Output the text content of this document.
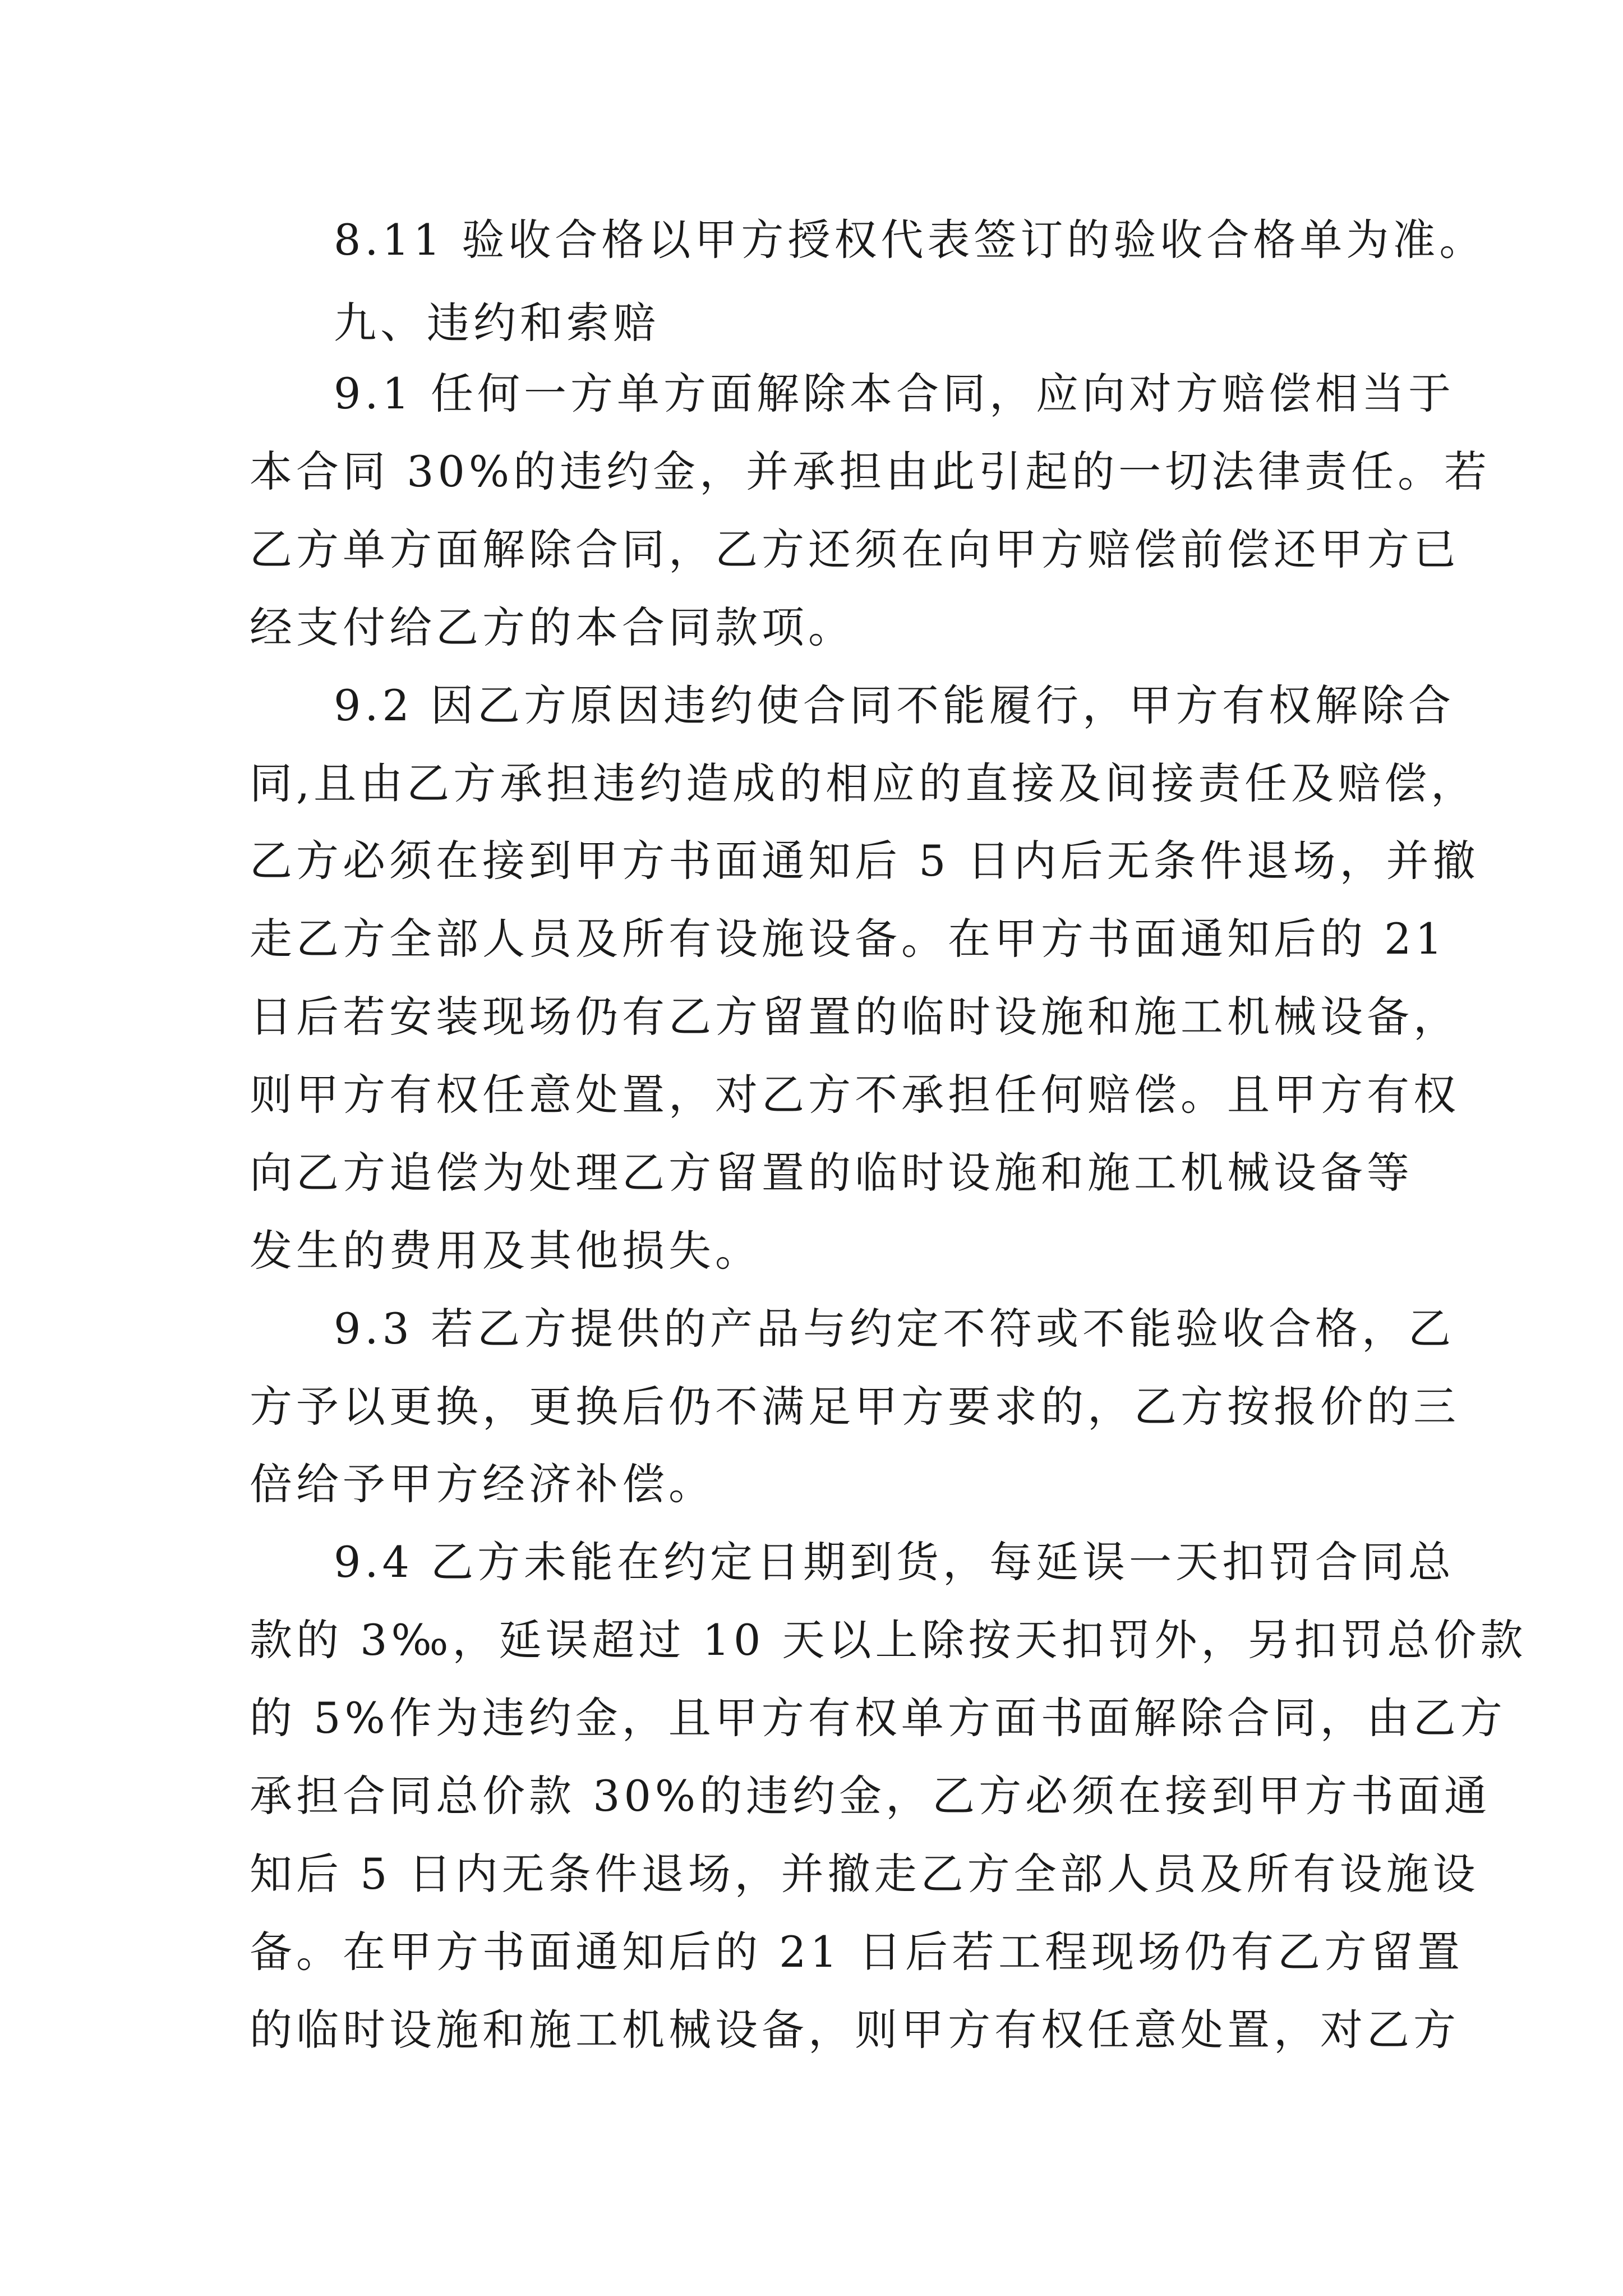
8.11 验收合格以甲方授权代表签订的验收合格单为准。

九、违约和索赔

9.1 任何一方单方面解除本合同，应向对方赔偿相当于

本合同 30%的违约金，并承担由此引起的一切法律责任。若

乙方单方面解除合同，乙方还须在向甲方赔偿前偿还甲方已

经支付给乙方的本合同款项。

9.2 因乙方原因违约使合同不能履行，甲方有权解除合

同,且由乙方承担违约造成的相应的直接及间接责任及赔偿，

乙方必须在接到甲方书面通知后 5 日内后无条件退场，并撤

走乙方全部人员及所有设施设备。在甲方书面通知后的 21

日后若安装现场仍有乙方留置的临时设施和施工机械设备，

则甲方有权任意处置，对乙方不承担任何赔偿。且甲方有权

向乙方追偿为处理乙方留置的临时设施和施工机械设备等

发生的费用及其他损失。

9.3 若乙方提供的产品与约定不符或不能验收合格，乙

方予以更换，更换后仍不满足甲方要求的，乙方按报价的三

倍给予甲方经济补偿。

9.4 乙方未能在约定日期到货，每延误一天扣罚合同总

款的 3‰，延误超过 10 天以上除按天扣罚外，另扣罚总价款

的 5%作为违约金，且甲方有权单方面书面解除合同，由乙方

承担合同总价款 30%的违约金，乙方必须在接到甲方书面通

知后 5 日内无条件退场，并撤走乙方全部人员及所有设施设

备。在甲方书面通知后的 21 日后若工程现场仍有乙方留置

的临时设施和施工机械设备，则甲方有权任意处置，对乙方
